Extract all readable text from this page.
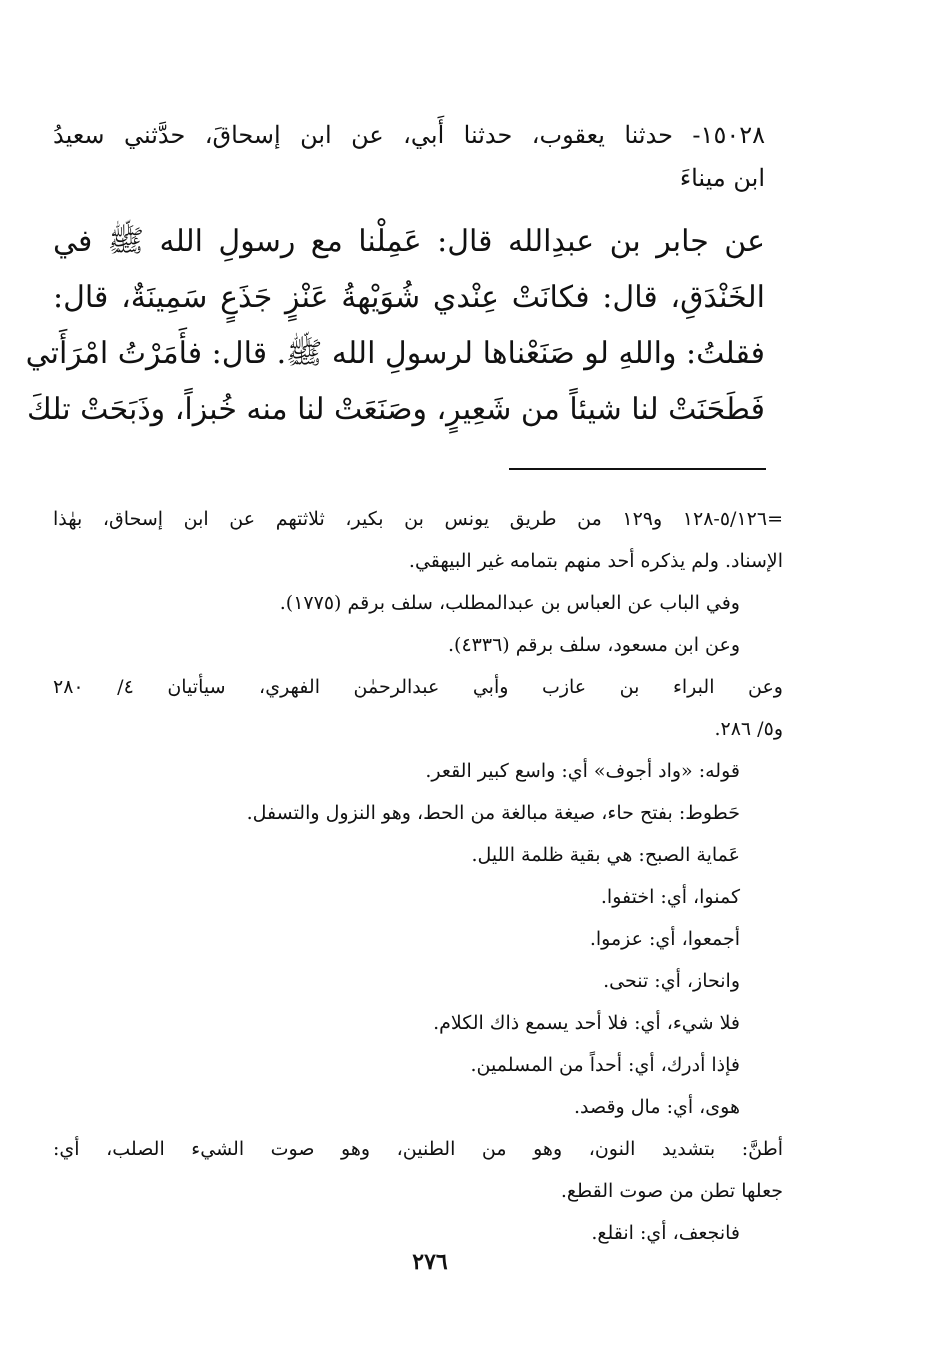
١٥٠٢٨- حدثنا يعقوب، حدثنا أَبي، عن ابن إسحاقَ، حدَّثني سعيدُ
ابن ميناءَ
عن جابر بن عبدِالله قال: عَمِلْنا مع رسولِ الله ﷺ في
الخَنْدَقِ، قال: فكانَتْ عِنْدي شُوَيْهةُ عَنْزٍ جَذَعٍ سَمِينَةٌ، قال:
فقلتُ: واللهِ لو صَنَعْناها لرسولِ الله ﷺ. قال: فأَمَرْتُ امْرَأَتي
فَطَحَنَتْ لنا شيئاً من شَعِيرٍ، وصَنَعَتْ لنا منه خُبزاً، وذَبَحَتْ تلكَ
=٥/١٢٦-١٢٨ و١٢٩ من طريق يونس بن بكير، ثلاثتهم عن ابن إسحاق، بهٰذا
الإسناد. ولم يذكره أحد منهم بتمامه غير البيهقي.
وفي الباب عن العباس بن عبدالمطلب، سلف برقم (١٧٧٥).
وعن ابن مسعود، سلف برقم (٤٣٣٦).
وعن البراء بن عازب وأبي عبدالرحمٰن الفهري، سيأتيان ٤/ ٢٨٠
و٥/ ٢٨٦.
قوله: «واد أجوف» أي: واسع كبير القعر.
حَطوط: بفتح حاء، صيغة مبالغة من الحط، وهو النزول والتسفل.
عَماية الصبح: هي بقية ظلمة الليل.
كمنوا، أي: اختفوا.
أجمعوا، أي: عزموا.
وانحاز، أي: تنحى.
فلا شيء، أي: فلا أحد يسمع ذاك الكلام.
فإذا أدرك، أي: أحداً من المسلمين.
هوى، أي: مال وقصد.
أطنَّ: بتشديد النون، وهو من الطنين، وهو صوت الشيء الصلب، أي:
جعلها تطن من صوت القطع.
فانجعف، أي: انقلع.
٢٧٦
